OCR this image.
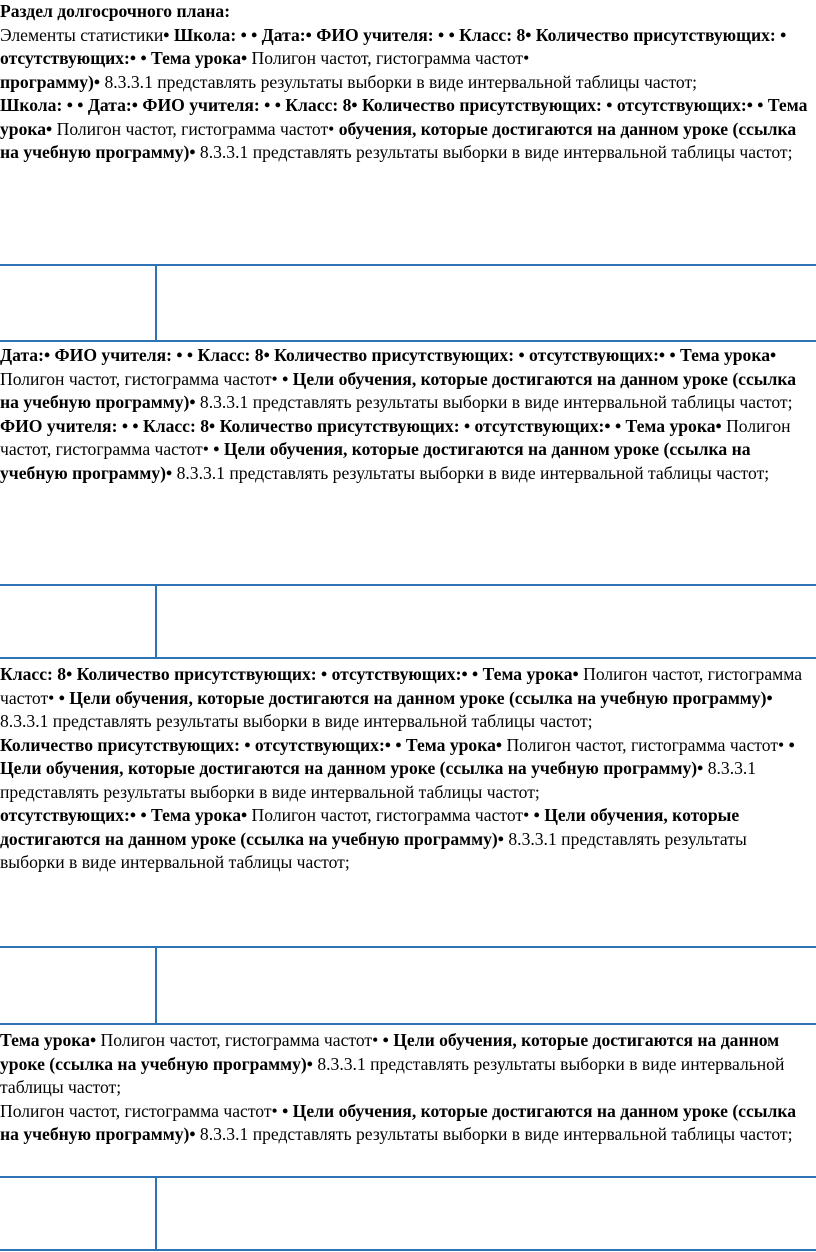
Раздел долгосрочного плана:

Элементы статистики• Школа: • • Дата:• ФИО учителя: • • Класс: 8• Количество присутствующих: • отсутствующих:• • Тема урока• Полигон частот, гистограмма частот•

программу)• 8.3.3.1 представлять результаты выборки в виде интервальной таблицы частот;

Школа: • • Дата:• ФИО учителя: • • Класс: 8• Количество присутствующих: • отсутствующих:• • Тема урока• Полигон частот, гистограмма частот• обучения, которые достигаются на данном уроке (ссылка на учебную программу)• 8.3.3.1 представлять результаты выборки в виде интервальной таблицы частот;

Дата:• ФИО учителя: • • Класс: 8• Количество присутствующих: • отсутствующих:• • Тема урока• Полигон частот, гистограмма частот• • Цели обучения, которые достигаются на данном уроке (ссылка на учебную программу)• 8.3.3.1 представлять результаты выборки в виде интервальной таблицы частот;

ФИО учителя: • • Класс: 8• Количество присутствующих: • отсутствующих:• • Тема урока• Полигон частот, гистограмма частот• • Цели обучения, которые достигаются на данном уроке (ссылка на учебную программу)• 8.3.3.1 представлять результаты выборки в виде интервальной таблицы частот;

Класс: 8• Количество присутствующих: • отсутствующих:• • Тема урока• Полигон частот, гистограмма частот• • Цели обучения, которые достигаются на данном уроке (ссылка на учебную программу)• 8.3.3.1 представлять результаты выборки в виде интервальной таблицы частот;

Количество присутствующих: • отсутствующих:• • Тема урока• Полигон частот, гистограмма частот• • Цели обучения, которые достигаются на данном уроке (ссылка на учебную программу)• 8.3.3.1 представлять результаты выборки в виде интервальной таблицы частот;

отсутствующих:• • Тема урока• Полигон частот, гистограмма частот• • Цели обучения, которые достигаются на данном уроке (ссылка на учебную программу)• 8.3.3.1 представлять результаты выборки в виде интервальной таблицы частот;

Тема урока• Полигон частот, гистограмма частот• • Цели обучения, которые достигаются на данном уроке (ссылка на учебную программу)• 8.3.3.1 представлять результаты выборки в виде интервальной таблицы частот;

Полигон частот, гистограмма частот• • Цели обучения, которые достигаются на данном уроке (ссылка на учебную программу)• 8.3.3.1 представлять результаты выборки в виде интервальной таблицы частот;
